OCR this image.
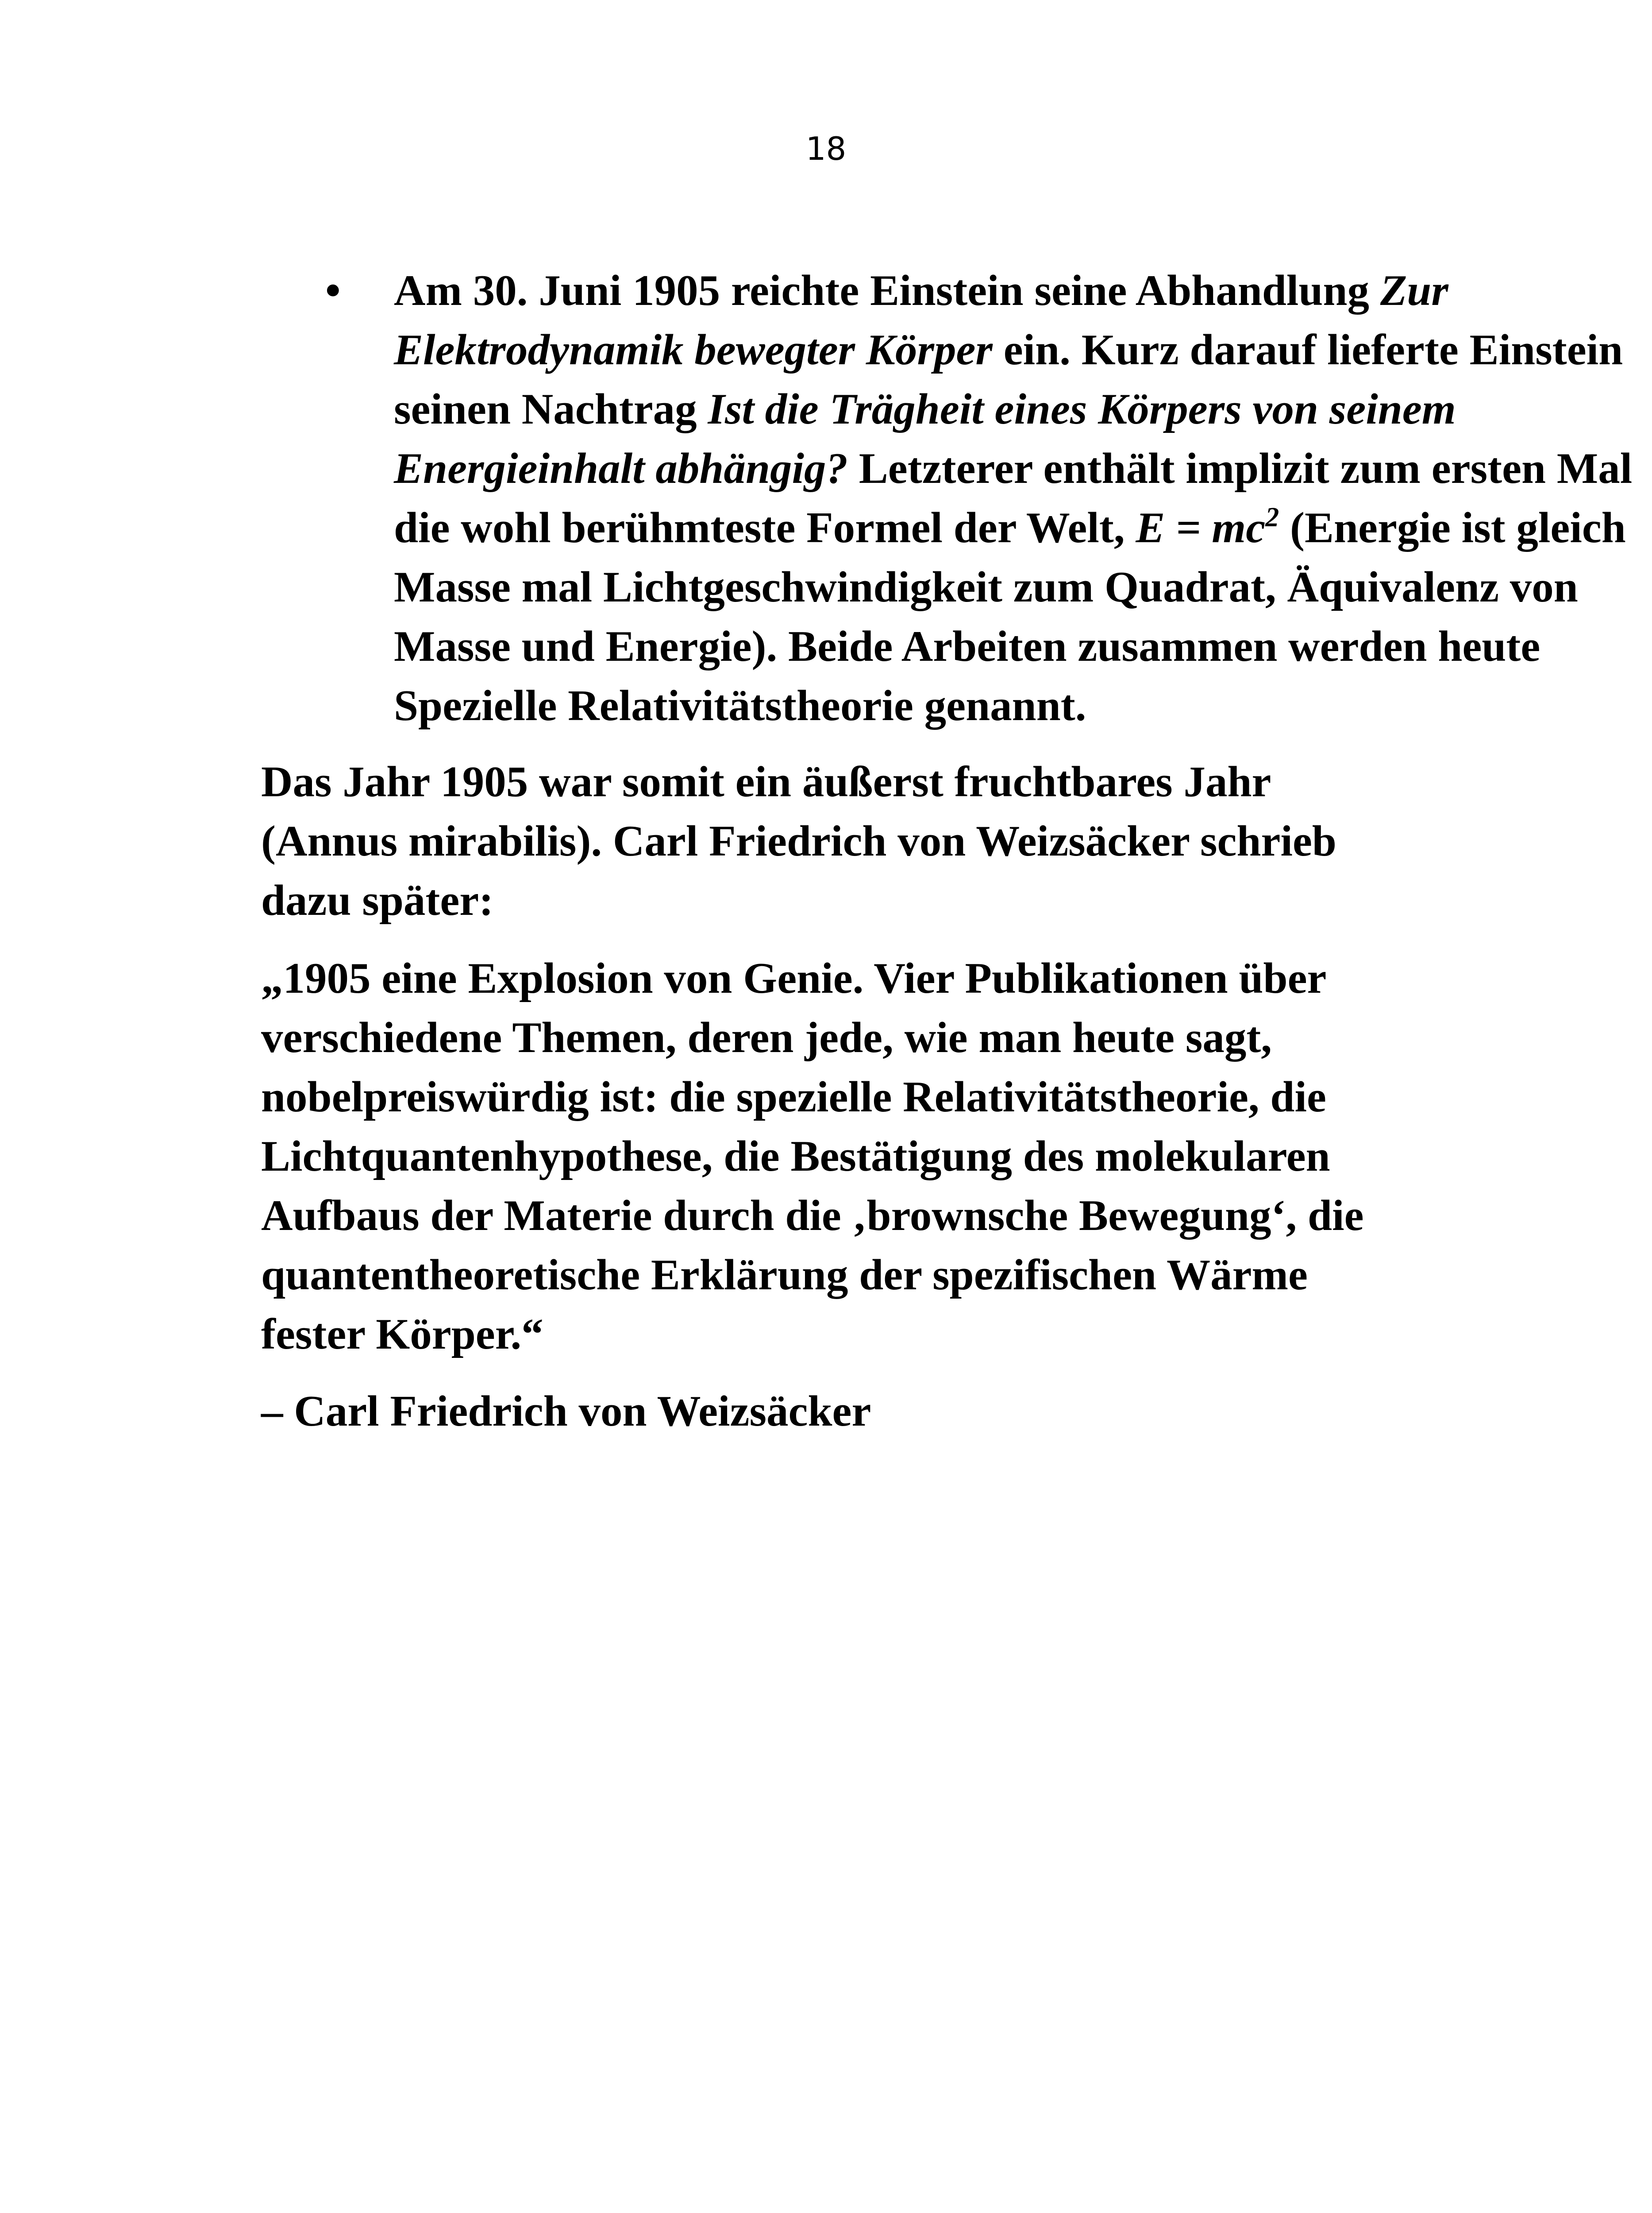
18
• Am 30. Juni 1905 reichte Einstein seine Abhandlung Zur Elektrodynamik bewegter Körper ein. Kurz darauf lieferte Einstein seinen Nachtrag Ist die Trägheit eines Körpers von seinem Energieinhalt abhängig? Letzterer enthält implizit zum ersten Mal die wohl berühmteste Formel der Welt, $E = mc^2$ (Energie ist gleich Masse mal Lichtgeschwindigkeit zum Quadrat, Äquivalenz von Masse und Energie). Beide Arbeiten zusammen werden heute Spezielle Relativitätstheorie genannt.

Das Jahr 1905 war somit ein äußerst fruchtbares Jahr (Annus mirabilis). Carl Friedrich von Weizsäcker schrieb dazu später:

„1905 eine Explosion von Genie. Vier Publikationen über verschiedene Themen, deren jede, wie man heute sagt, nobelpreiswürdig ist: die spezielle Relativitätstheorie, die Lichtquantenhypothese, die Bestätigung des molekularen Aufbaus der Materie durch die ‚brownsche Bewegung‘, die quantentheoretische Erklärung der spezifischen Wärme fester Körper.“

– Carl Friedrich von Weizsäcker
